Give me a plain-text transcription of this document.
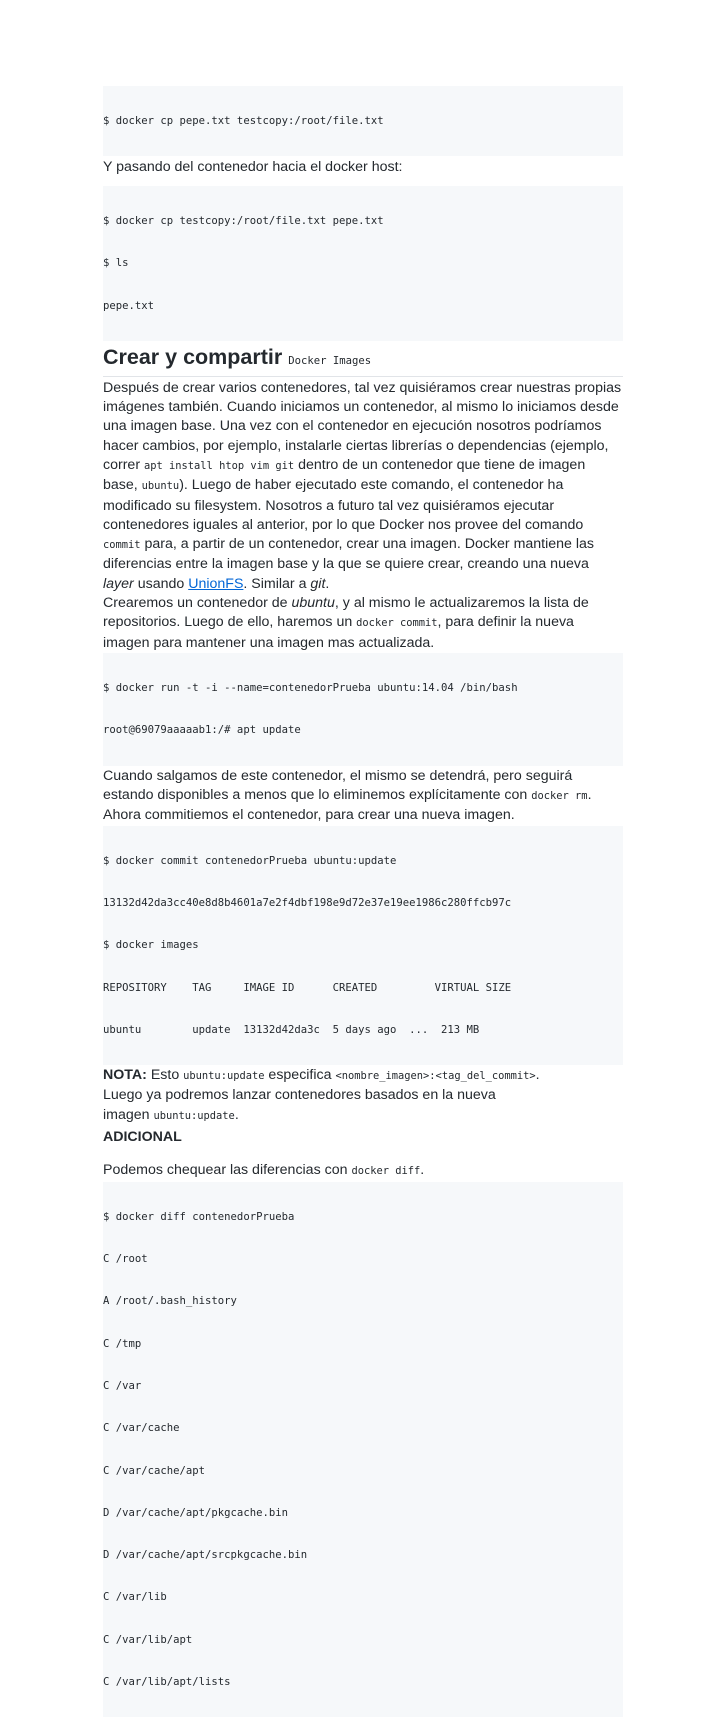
$ docker cp pepe.txt testcopy:/root/file.txt

Y pasando del contenedor hacia el docker host:

$ docker cp testcopy:/root/file.txt pepe.txt

$ ls

pepe.txt

Crear y compartir Docker Images

Después de crear varios contenedores, tal vez quisiéramos crear nuestras propias imágenes también. Cuando iniciamos un contenedor, al mismo lo iniciamos desde una imagen base. Una vez con el contenedor en ejecución nosotros podríamos hacer cambios, por ejemplo, instalarle ciertas librerías o dependencias (ejemplo, correr apt install htop vim git dentro de un contenedor que tiene de imagen base, ubuntu). Luego de haber ejecutado este comando, el contenedor ha modificado su filesystem. Nosotros a futuro tal vez quisiéramos ejecutar contenedores iguales al anterior, por lo que Docker nos provee del comando commit para, a partir de un contenedor, crear una imagen. Docker mantiene las diferencias entre la imagen base y la que se quiere crear, creando una nueva layer usando UnionFS. Similar a git.

Crearemos un contenedor de ubuntu, y al mismo le actualizaremos la lista de repositorios. Luego de ello, haremos un docker commit, para definir la nueva imagen para mantener una imagen mas actualizada.

$ docker run -t -i --name=contenedorPrueba ubuntu:14.04 /bin/bash

root@69079aaaaab1:/# apt update

Cuando salgamos de este contenedor, el mismo se detendrá, pero seguirá estando disponibles a menos que lo eliminemos explícitamente con docker rm. Ahora commitiemos el contenedor, para crear una nueva imagen.

$ docker commit contenedorPrueba ubuntu:update

13132d42da3cc40e8d8b4601a7e2f4dbf198e9d72e37e19ee1986c280ffcb97c

$ docker images

REPOSITORY    TAG     IMAGE ID      CREATED         VIRTUAL SIZE

ubuntu        update  13132d42da3c  5 days ago  ...  213 MB

NOTA: Esto ubuntu:update especifica <nombre_imagen>:<tag_del_commit>.

Luego ya podremos lanzar contenedores basados en la nueva imagen ubuntu:update.

ADICIONAL

Podemos chequear las diferencias con docker diff.

$ docker diff contenedorPrueba

C /root

A /root/.bash_history

C /tmp

C /var

C /var/cache

C /var/cache/apt

D /var/cache/apt/pkgcache.bin

D /var/cache/apt/srcpkgcache.bin

C /var/lib

C /var/lib/apt

C /var/lib/apt/lists
